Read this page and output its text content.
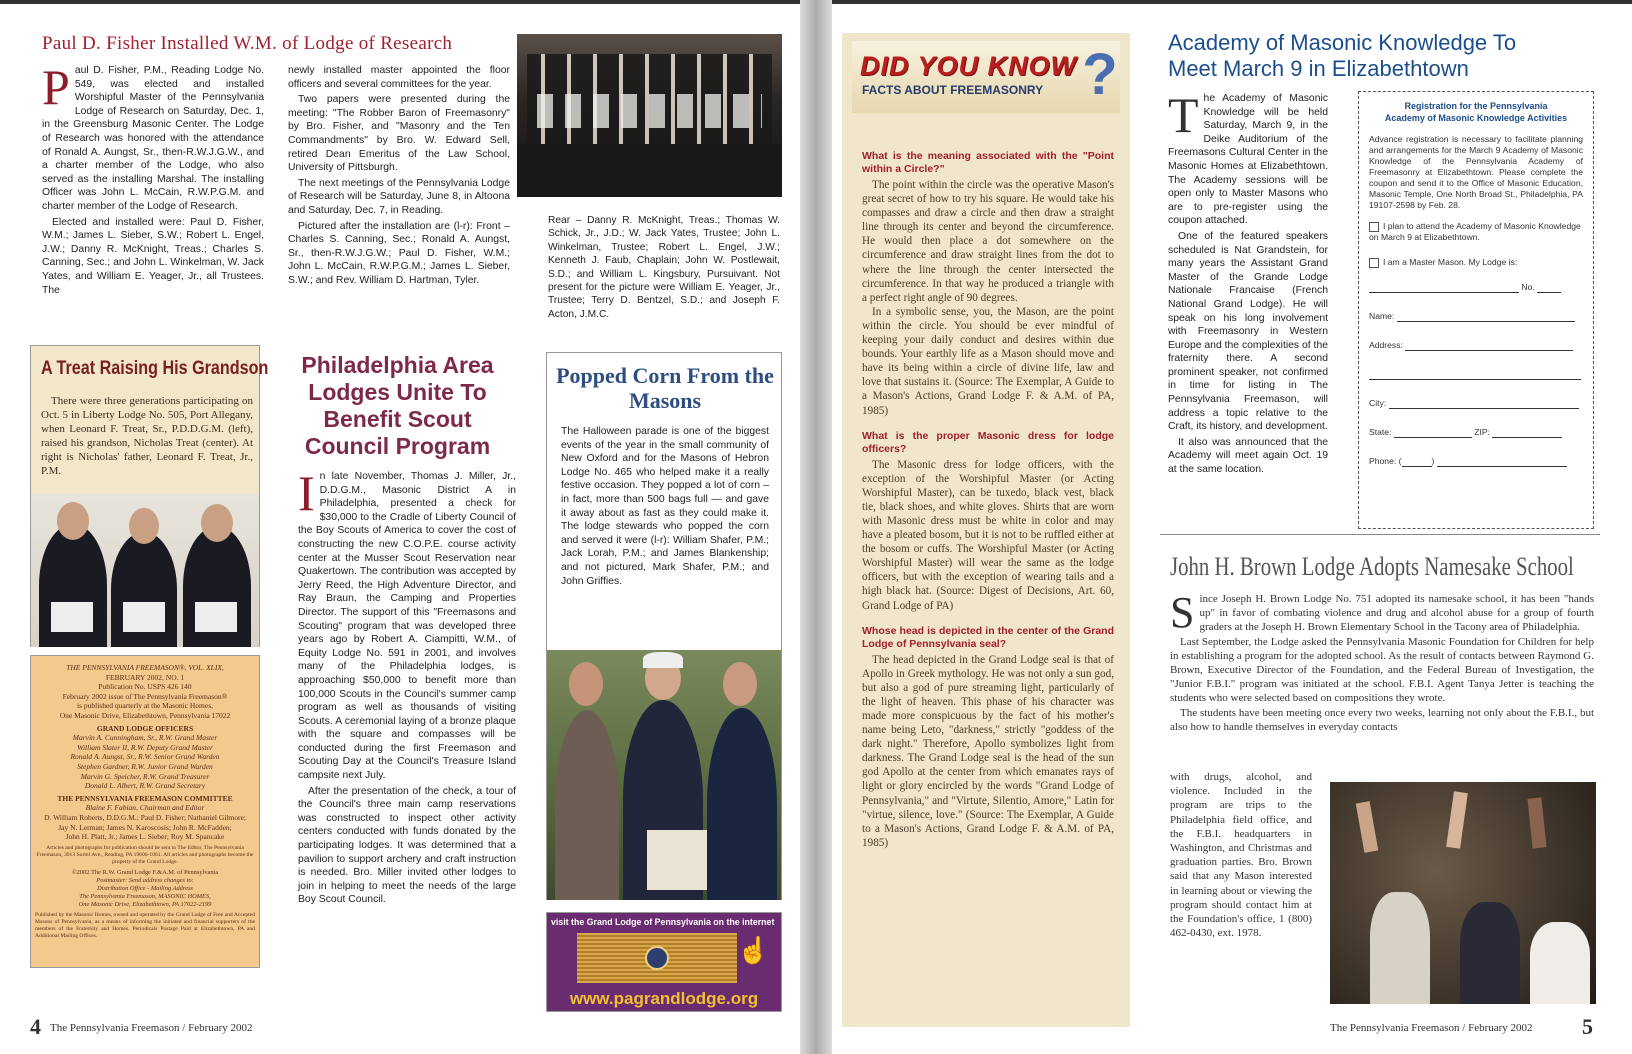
Paul D. Fisher Installed W.M. of Lodge of Research
P aul D. Fisher, P.M., Reading Lodge No. 549, was elected and installed Worshipful Master of the Pennsylvania Lodge of Research on Saturday, Dec. 1, in the Greensburg Masonic Center. The Lodge of Research was honored with the attendance of Ronald A. Aungst, Sr., then-R.W.J.G.W., and a charter member of the Lodge, who also served as the installing Marshal. The installing Officer was John L. McCain, R.W.P.G.M. and charter member of the Lodge of Research.

Elected and installed were: Paul D. Fisher, W.M.; James L. Sieber, S.W.; Robert L. Engel, J.W.; Danny R. McKnight, Treas.; Charles S. Canning, Sec.; and John L. Winkelman, W. Jack Yates, and William E. Yeager, Jr., all Trustees. The

newly installed master appointed the floor officers and several committees for the year.

Two papers were presented during the meeting: "The Robber Baron of Freemasonry" by Bro. Fisher, and "Masonry and the Ten Commandments" by Bro. W. Edward Sell, retired Dean Emeritus of the Law School, University of Pittsburgh.

The next meetings of the Pennsylvania Lodge of Research will be Saturday, June 8, in Altoona and Saturday, Dec. 7, in Reading.

Pictured after the installation are (l-r): Front – Charles S. Canning, Sec.; Ronald A. Aungst, Sr., then-R.W.J.G.W.; Paul D. Fisher, W.M.; John L. McCain, R.W.P.G.M.; James L. Sieber, S.W.; and Rev. William D. Hartman, Tyler.

Rear – Danny R. McKnight, Treas.; Thomas W. Schick, Jr., J.D.; W. Jack Yates, Trustee; John L. Winkelman, Trustee; Robert L. Engel, J.W.; Kenneth J. Faub, Chaplain; John W. Postlewait, S.D.; and William L. Kingsbury, Pursuivant. Not present for the picture were William E. Yeager, Jr., Trustee; Terry D. Bentzel, S.D.; and Joseph F. Acton, J.M.C.
A Treat Raising His Grandson
There were three generations participating on Oct. 5 in Liberty Lodge No. 505, Port Allegany, when Leonard F. Treat, Sr., P.D.D.G.M. (left), raised his grandson, Nicholas Treat (center). At right is Nicholas' father, Leonard F. Treat, Jr., P.M.

THE PENNSYLVANIA FREEMASON®, VOL. XLIX,

FEBRUARY 2002, NO. 1

Publication No. USPS 426 140

February 2002 issue of The Pennsylvania Freemason®

is published quarterly at the Masonic Homes,

One Masonic Drive, Elizabethtown, Pennsylvania 17022

GRAND LODGE OFFICERS

Marvin A. Cunningham, Sr., R.W. Grand Master

William Slater II, R.W. Deputy Grand Master

Ronald A. Aungst, Sr., R.W. Senior Grand Warden

Stephen Gardner, R.W. Junior Grand Warden

Marvin G. Speicher, R.W. Grand Treasurer

Donald L. Albert, R.W. Grand Secretary

THE PENNSYLVANIA FREEMASON COMMITTEE

Blaine F. Fabian, Chairman and Editor

D. William Roberts, D.D.G.M.; Paul D. Fisher; Nathaniel Gilmore;

Jay N. Lerman; James N. Karoscosis; John R. McFadden;

John H. Platt, Jr.; James L. Sieber; Roy M. Spancake

Articles and photographs for publication should be sent to The Editor, The Pennsylvania Freemason, 3913 Sorrel Ave., Reading, PA 19606-1061. All articles and photographs become the property of the Grand Lodge.

©2002 The R.W. Grand Lodge F.&A.M. of Pennsylvania

Postmaster: Send address changes to:

Distribution Office - Mailing Address

The Pennsylvania Freemason, MASONIC HOMES,

One Masonic Drive, Elizabethtown, PA 17022-2199

Published by the Masonic Homes, owned and operated by the Grand Lodge of Free and Accepted Masons of Pennsylvania, as a means of informing the initiated and financial supporters of the members of the Fraternity and Homes. Periodicals Postage Paid at Elizabethtown, PA and Additional Mailing Offices.

Philadelphia Area Lodges Unite To Benefit Scout Council Program
I n late November, Thomas J. Miller, Jr., D.D.G.M., Masonic District A in Philadelphia, presented a check for $30,000 to the Cradle of Liberty Council of the Boy Scouts of America to cover the cost of constructing the new C.O.P.E. course activity center at the Musser Scout Reservation near Quakertown. The contribution was accepted by Jerry Reed, the High Adventure Director, and Ray Braun, the Camping and Properties Director. The support of this "Freemasons and Scouting" program that was developed three years ago by Robert A. Ciampitti, W.M., of Equity Lodge No. 591 in 2001, and involves many of the Philadelphia lodges, is approaching $50,000 to benefit more than 100,000 Scouts in the Council's summer camp program as well as thousands of visiting Scouts. A ceremonial laying of a bronze plaque with the square and compasses will be conducted during the first Freemason and Scouting Day at the Council's Treasure Island campsite next July.

After the presentation of the check, a tour of the Council's three main camp reservations was constructed to inspect other activity centers conducted with funds donated by the participating lodges. It was determined that a pavilion to support archery and craft instruction is needed. Bro. Miller invited other lodges to join in helping to meet the needs of the large Boy Scout Council.

Popped Corn From the Masons
The Halloween parade is one of the biggest events of the year in the small community of New Oxford and for the Masons of Hebron Lodge No. 465 who helped make it a really festive occasion. They popped a lot of corn – in fact, more than 500 bags full — and gave it away about as fast as they could make it. The lodge stewards who popped the corn and served it were (l-r): William Shafer, P.M.; Jack Lorah, P.M.; and James Blankenship; and not pictured, Mark Shafer, P.M.; and John Griffies.
visit the Grand Lodge of Pennsylvania on the internet
☝
www.pagrandlodge.org
4 The Pennsylvania Freemason / February 2002
DID YOU KNOW
FACTS ABOUT FREEMASONRY ?
What is the meaning associated with the "Point within a Circle?"

The point within the circle was the operative Mason's great secret of how to try his square. He would take his compasses and draw a circle and then draw a straight line through its center and beyond the circumference. He would then place a dot somewhere on the circumference and draw straight lines from the dot to where the line through the center intersected the circumference. In that way he produced a triangle with a perfect right angle of 90 degrees.

In a symbolic sense, you, the Mason, are the point within the circle. You should be ever mindful of keeping your daily conduct and desires within due bounds. Your earthly life as a Mason should move and have its being within a circle of divine life, law and love that sustains it. (Source: The Exemplar, A Guide to a Mason's Actions, Grand Lodge F. & A.M. of PA, 1985)

What is the proper Masonic dress for lodge officers?

The Masonic dress for lodge officers, with the exception of the Worshipful Master (or Acting Worshipful Master), can be tuxedo, black vest, black tie, black shoes, and white gloves. Shirts that are worn with Masonic dress must be white in color and may have a pleated bosom, but it is not to be ruffled either at the bosom or cuffs. The Worshipful Master (or Acting Worshipful Master) will wear the same as the lodge officers, but with the exception of wearing tails and a high black hat. (Source: Digest of Decisions, Art. 60, Grand Lodge of PA)

Whose head is depicted in the center of the Grand Lodge of Pennsylvania seal?

The head depicted in the Grand Lodge seal is that of Apollo in Greek mythology. He was not only a sun god, but also a god of pure streaming light, particularly of the light of heaven. This phase of his character was made more conspicuous by the fact of his mother's name being Leto, "darkness," strictly "goddess of the dark night." Therefore, Apollo symbolizes light from darkness. The Grand Lodge seal is the head of the sun god Apollo at the center from which emanates rays of light or glory encircled by the words "Grand Lodge of Pennsylvania," and "Virtute, Silentio, Amore," Latin for "virtue, silence, love." (Source: The Exemplar, A Guide to a Mason's Actions, Grand Lodge F. & A.M. of PA, 1985)

Academy of Masonic Knowledge To Meet March 9 in Elizabethtown
T he Academy of Masonic Knowledge will be held Saturday, March 9, in the Deike Auditorium of the Freemasons Cultural Center in the Masonic Homes at Elizabethtown. The Academy sessions will be open only to Master Masons who are to pre-register using the coupon attached.

One of the featured speakers scheduled is Nat Grandstein, for many years the Assistant Grand Master of the Grande Lodge Nationale Francaise (French National Grand Lodge). He will speak on his long involvement with Freemasonry in Western Europe and the complexities of the fraternity there. A second prominent speaker, not confirmed in time for listing in The Pennsylvania Freemason, will address a topic relative to the Craft, its history, and development.

It also was announced that the Academy will meet again Oct. 19 at the same location.

Registration for the Pennsylvania
Academy of Masonic Knowledge Activities
Advance registration is necessary to facilitate planning and arrangements for the March 9 Academy of Masonic Knowledge of the Pennsylvania Academy of Freemasonry at Elizabethtown. Please complete the coupon and send it to the Office of Masonic Education, Masonic Temple, One North Broad St., Philadelphia, PA 19107-2598 by Feb. 28.
I plan to attend the Academy of Masonic Knowledge on March 9 at Elizabethtown.
I am a Master Mason. My Lodge is:
No.
Name:
Address:
City:
State:	ZIP:
Phone: (	)
John H. Brown Lodge Adopts Namesake School
S ince Joseph H. Brown Lodge No. 751 adopted its namesake school, it has been "hands up" in favor of combating violence and drug and alcohol abuse for a group of fourth graders at the Joseph H. Brown Elementary School in the Tacony area of Philadelphia.

Last September, the Lodge asked the Pennsylvania Masonic Foundation for Children for help in establishing a program for the adopted school. As the result of contacts between Raymond G. Brown, Executive Director of the Foundation, and the Federal Bureau of Investigation, the "Junior F.B.I." program was initiated at the school. F.B.I. Agent Tanya Jetter is teaching the students who were selected based on compositions they wrote.

The students have been meeting once every two weeks, learning not only about the F.B.I., but also how to handle themselves in everyday contacts

with drugs, alcohol, and violence. Included in the program are trips to the Philadelphia field office, and the F.B.I. headquarters in Washington, and Christmas and graduation parties. Bro. Brown said that any Mason interested in learning about or viewing the program should contact him at the Foundation's office, 1 (800) 462-0430, ext. 1978.
The Pennsylvania Freemason / February 2002 5
